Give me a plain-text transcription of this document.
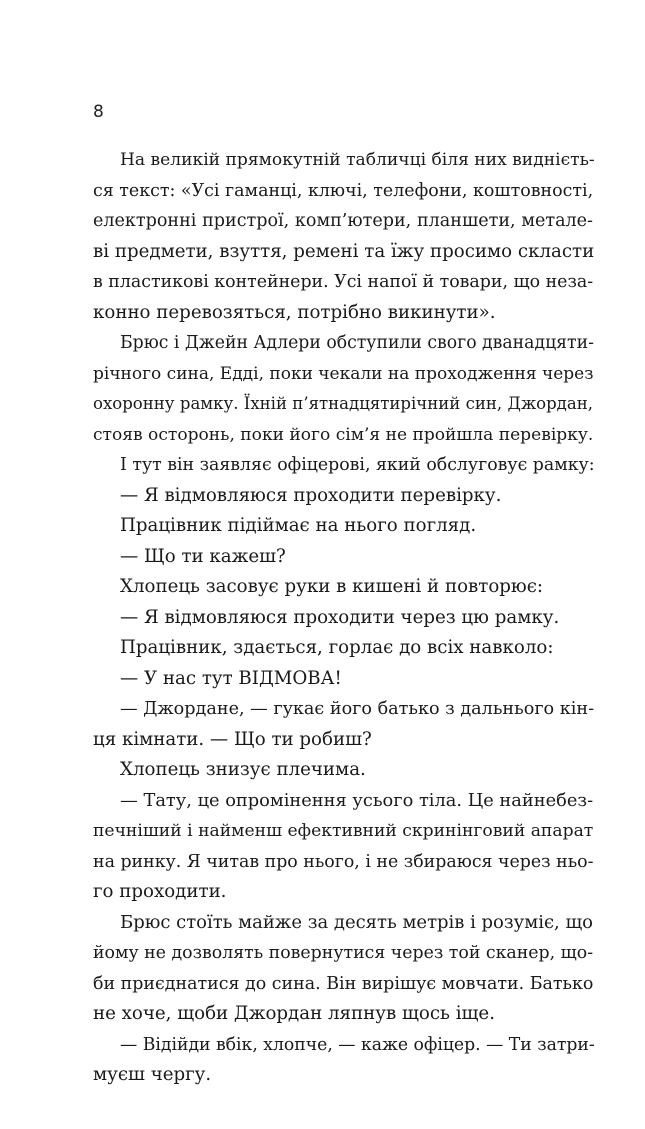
8
На великій прямокутній табличці біля них виднієть-
ся текст: «Усі гаманці, ключі, телефони, коштовності,
електронні пристрої, комп’ютери, планшети, металe-
ві предмети, взуття, ремені та їжу просимо скласти
в пластикові контейнери. Усі напої й товари, що неза-
конно перевозяться, потрібно викинути».
Брюс і Джейн Адлери обступили свого дванадцяти-
річного сина, Едді, поки чекали на проходження через
охоронну рамку. Їхній п’ятнадцятирічний син, Джордан,
стояв осторонь, поки його сім’я не пройшла перевірку.
І тут він заявляє офіцерові, який обслуговує рамку:
— Я відмовляюся проходити перевірку.
Працівник підіймає на нього погляд.
— Що ти кажеш?
Хлопець засовує руки в кишені й повторює:
— Я відмовляюся проходити через цю рамку.
Працівник, здається, горлає до всіх навколо:
— У нас тут ВІДМОВА!
— Джордане, — гукає його батько з дальнього кін-
ця кімнати. — Що ти робиш?
Хлопець знизує плечима.
— Тату, це опромінення усього тіла. Це найнебез-
печніший і найменш ефективний скринінговий апарат
на ринку. Я читав про нього, і не збираюся через ньо-
го проходити.
Брюс стоїть майже за десять метрів і розуміє, що
йому не дозволять повернутися через той сканер, що-
би приєднатися до сина. Він вирішує мовчати. Батько
не хоче, щоби Джордан ляпнув щось іще.
— Відійди вбік, хлопче, — каже офіцер. — Ти затри-
муєш чергу.
